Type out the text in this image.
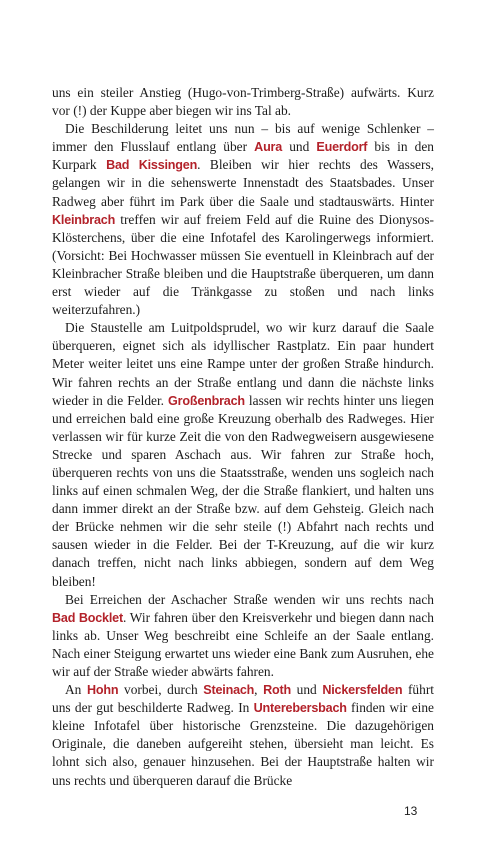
uns ein steiler Anstieg (Hugo-von-Trimberg-Straße) aufwärts. Kurz vor (!) der Kuppe aber biegen wir ins Tal ab.

Die Beschilderung leitet uns nun – bis auf wenige Schlenker – immer den Flusslauf entlang über Aura und Euerdorf bis in den Kurpark Bad Kissingen. Bleiben wir hier rechts des Wassers, gelangen wir in die sehenswerte Innenstadt des Staatsbades. Unser Radweg aber führt im Park über die Saale und stadtauswärts. Hinter Kleinbrach treffen wir auf freiem Feld auf die Ruine des Dionysos-Klösterchens, über die eine Infotafel des Karolingerwegs informiert. (Vorsicht: Bei Hochwasser müssen Sie eventuell in Kleinbrach auf der Kleinbracher Straße bleiben und die Hauptstraße überqueren, um dann erst wieder auf die Tränkgasse zu stoßen und nach links weiterzufahren.)

Die Staustelle am Luitpoldsprudel, wo wir kurz darauf die Saale überqueren, eignet sich als idyllischer Rastplatz. Ein paar hundert Meter weiter leitet uns eine Rampe unter der großen Straße hindurch. Wir fahren rechts an der Straße entlang und dann die nächste links wieder in die Felder. Großenbrach lassen wir rechts hinter uns liegen und erreichen bald eine große Kreuzung oberhalb des Radweges. Hier verlassen wir für kurze Zeit die von den Radwegweisern ausgewiesene Strecke und sparen Aschach aus. Wir fahren zur Straße hoch, überqueren rechts von uns die Staatsstraße, wenden uns sogleich nach links auf einen schmalen Weg, der die Straße flankiert, und halten uns dann immer direkt an der Straße bzw. auf dem Gehsteig. Gleich nach der Brücke nehmen wir die sehr steile (!) Abfahrt nach rechts und sausen wieder in die Felder. Bei der T-Kreuzung, auf die wir kurz danach treffen, nicht nach links abbiegen, sondern auf dem Weg bleiben!

Bei Erreichen der Aschacher Straße wenden wir uns rechts nach Bad Bocklet. Wir fahren über den Kreisverkehr und biegen dann nach links ab. Unser Weg beschreibt eine Schleife an der Saale entlang. Nach einer Steigung erwartet uns wieder eine Bank zum Ausruhen, ehe wir auf der Straße wieder abwärts fahren.

An Hohn vorbei, durch Steinach, Roth und Nickersfelden führt uns der gut beschilderte Radweg. In Unterebersbach finden wir eine kleine Infotafel über historische Grenzsteine. Die dazugehörigen Originale, die daneben aufgereiht stehen, übersieht man leicht. Es lohnt sich also, genauer hinzusehen. Bei der Hauptstraße halten wir uns rechts und überqueren darauf die Brücke

13
